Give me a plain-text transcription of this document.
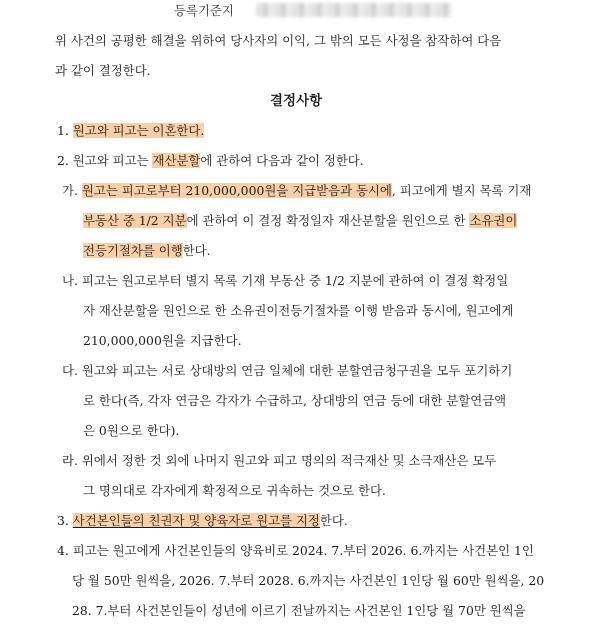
등록기준지
위 사건의 공평한 해결을 위하여 당사자의 이익, 그 밖의 모든 사정을 참작하여 다음
과 같이 결정한다.
결정사항
1. 원고와 피고는 이혼한다.
2. 원고와 피고는 재산분할에 관하여 다음과 같이 정한다.
가. 원고는 피고로부터 210,000,000원을 지급받음과 동시에, 피고에게 별지 목록 기재
부동산 중 1/2 지분에 관하여 이 결정 확정일자 재산분할을 원인으로 한 소유권이
전등기절차를 이행한다.
나. 피고는 원고로부터 별지 목록 기재 부동산 중 1/2 지분에 관하여 이 결정 확정일
자 재산분할을 원인으로 한 소유권이전등기절차를 이행 받음과 동시에, 원고에게
210,000,000원을 지급한다.
다. 원고와 피고는 서로 상대방의 연금 일체에 대한 분할연금청구권을 모두 포기하기
로 한다(즉, 각자 연금은 각자가 수급하고, 상대방의 연금 등에 대한 분할연금액
은 0원으로 한다).
라. 위에서 정한 것 외에 나머지 원고와 피고 명의의 적극재산 및 소극재산은 모두
그 명의대로 각자에게 확정적으로 귀속하는 것으로 한다.
3. 사건본인들의 친권자 및 양육자로 원고를 지정한다.
4. 피고는 원고에게 사건본인들의 양육비로 2024. 7.부터 2026. 6.까지는 사건본인 1인
당 월 50만 원씩을, 2026. 7.부터 2028. 6.까지는 사건본인 1인당 월 60만 원씩을, 20
28. 7.부터 사건본인들이 성년에 이르기 전날까지는 사건본인 1인당 월 70만 원씩을
